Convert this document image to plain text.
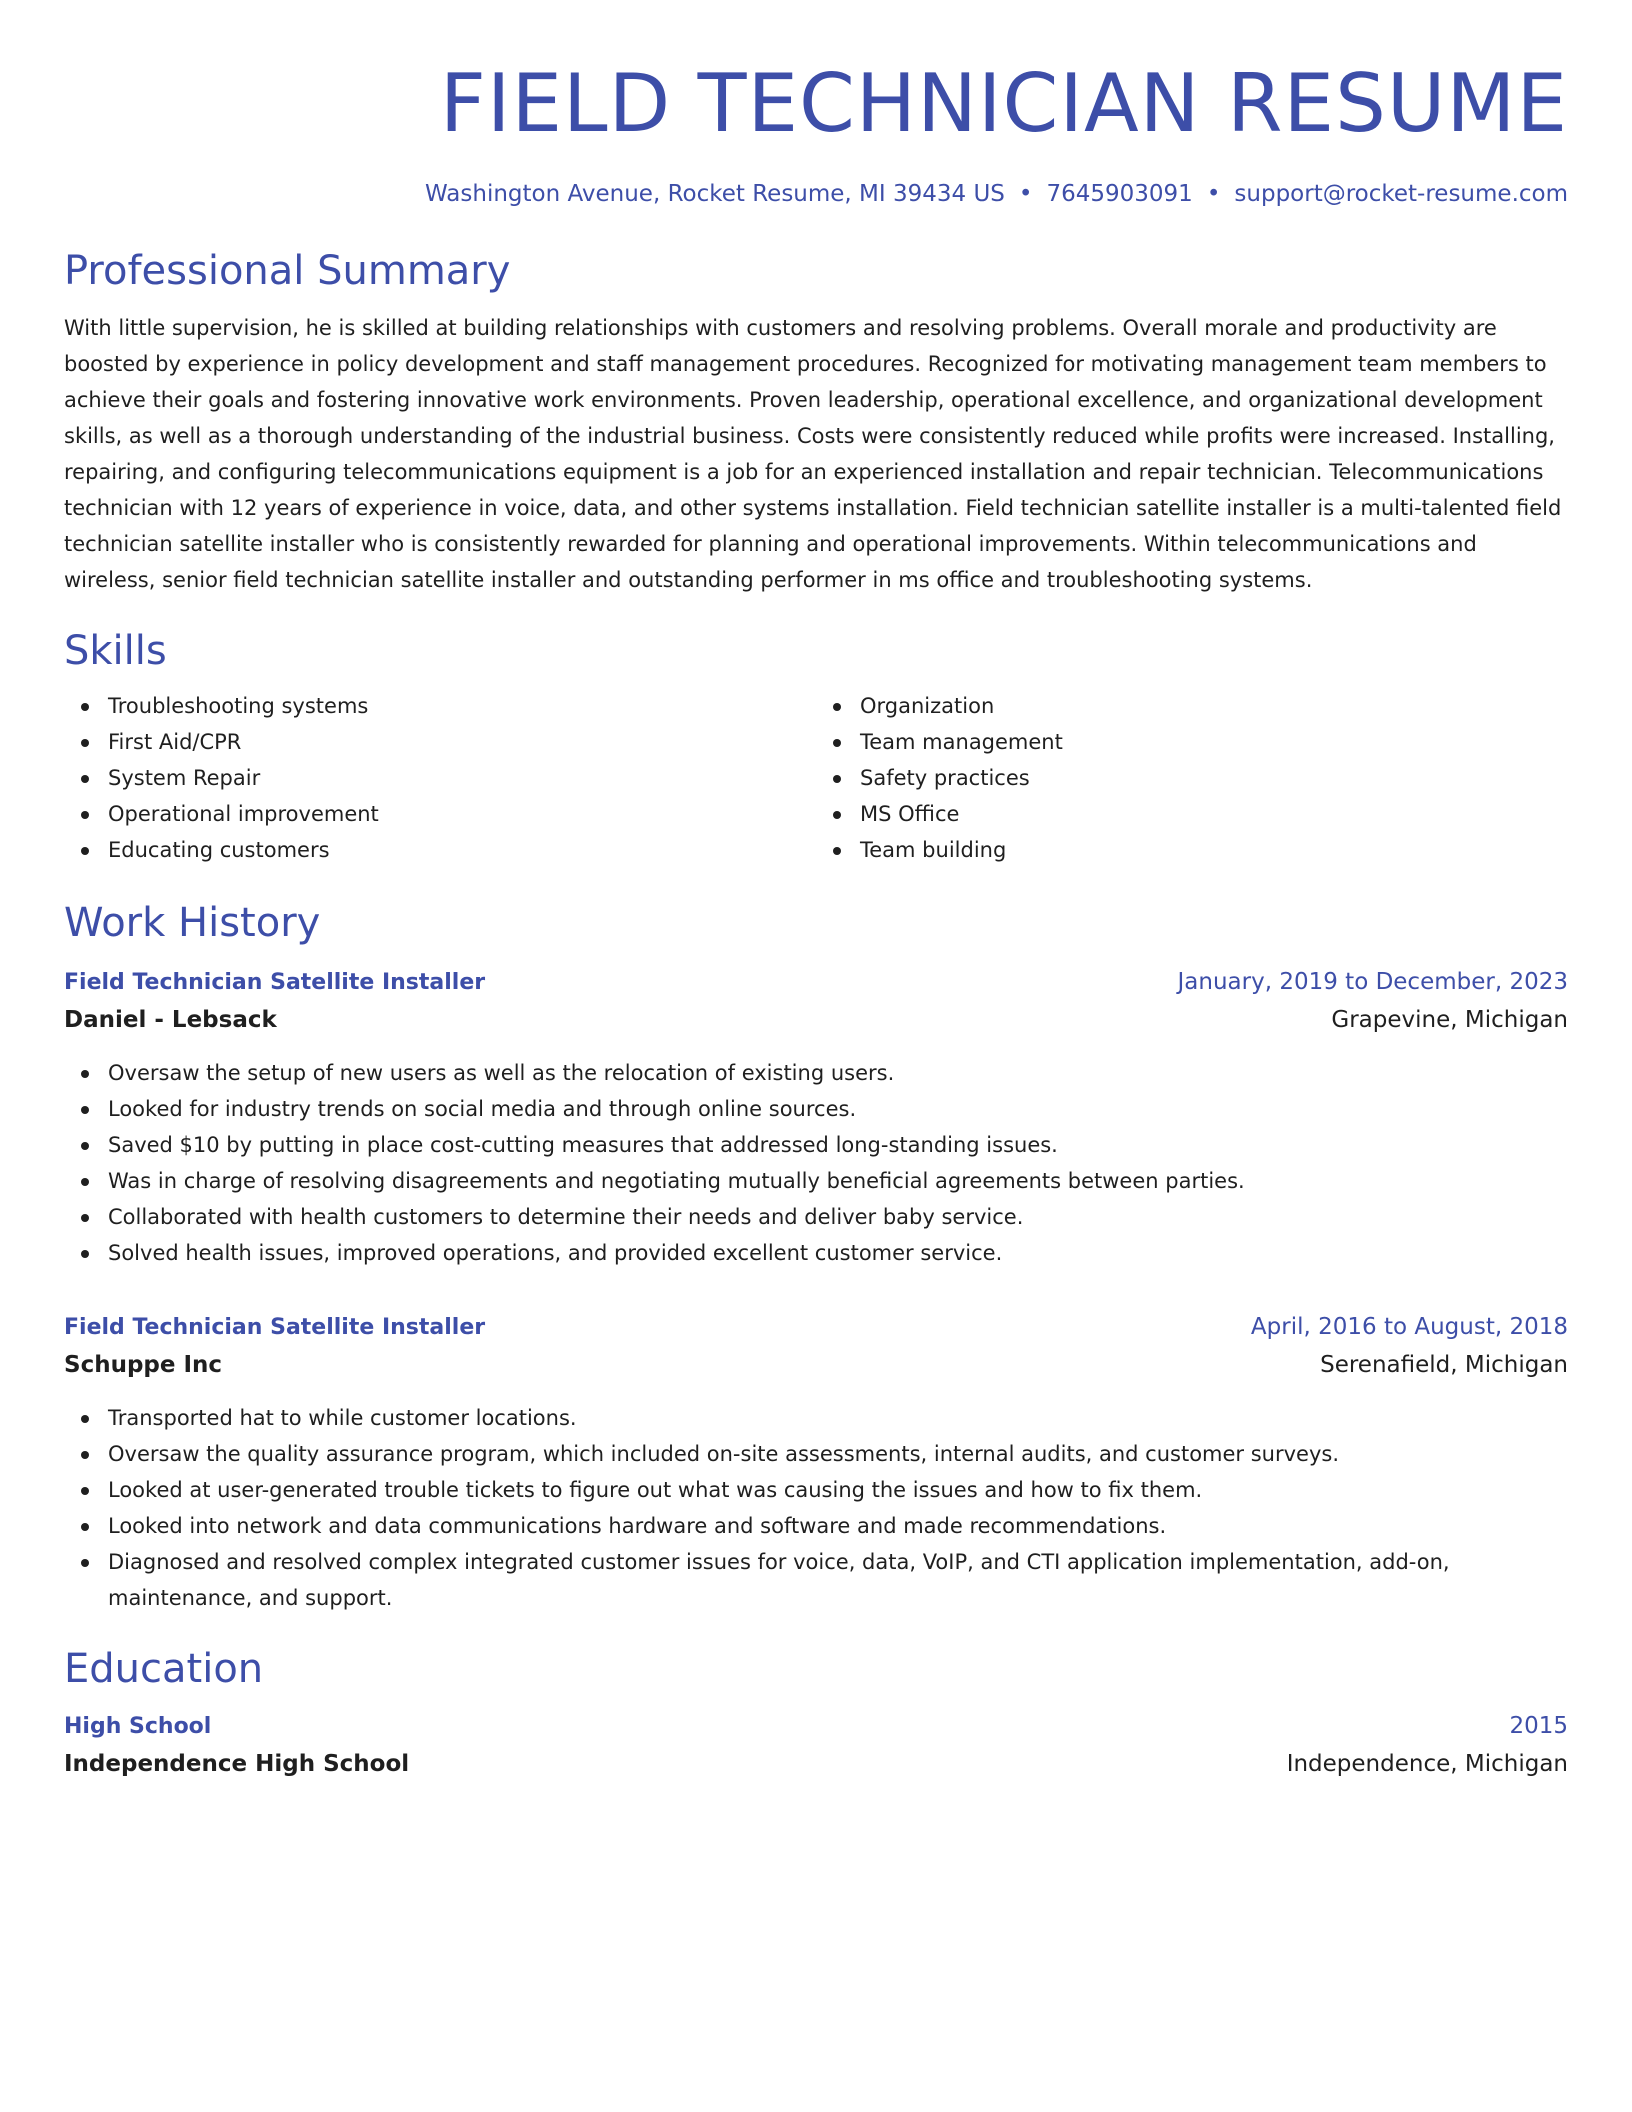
FIELD TECHNICIAN RESUME
Washington Avenue, Rocket Resume, MI 39434 US • 7645903091 • support@rocket-resume.com
Professional Summary

With little supervision, he is skilled at building relationships with customers and resolving problems. Overall morale and productivity are boosted by experience in policy development and staff management procedures. Recognized for motivating management team members to achieve their goals and fostering innovative work environments. Proven leadership, operational excellence, and organizational development skills, as well as a thorough understanding of the industrial business. Costs were consistently reduced while profits were increased. Installing, repairing, and configuring telecommunications equipment is a job for an experienced installation and repair technician. Telecommunications technician with 12 years of experience in voice, data, and other systems installation. Field technician satellite installer is a multi-talented field technician satellite installer who is consistently rewarded for planning and operational improvements. Within telecommunications and wireless, senior field technician satellite installer and outstanding performer in ms office and troubleshooting systems.

Skills
Troubleshooting systems
First Aid/CPR
System Repair
Operational improvement
Educating customers
Organization
Team management
Safety practices
MS Office
Team building
Work History
Field Technician Satellite Installer	January, 2019 to December, 2023
Daniel - Lebsack	Grapevine, Michigan
Oversaw the setup of new users as well as the relocation of existing users.
Looked for industry trends on social media and through online sources.
Saved $10 by putting in place cost-cutting measures that addressed long-standing issues.
Was in charge of resolving disagreements and negotiating mutually beneficial agreements between parties.
Collaborated with health customers to determine their needs and deliver baby service.
Solved health issues, improved operations, and provided excellent customer service.
Field Technician Satellite Installer	April, 2016 to August, 2018
Schuppe Inc	Serenafield, Michigan
Transported hat to while customer locations.
Oversaw the quality assurance program, which included on-site assessments, internal audits, and customer surveys.
Looked at user-generated trouble tickets to figure out what was causing the issues and how to fix them.
Looked into network and data communications hardware and software and made recommendations.
Diagnosed and resolved complex integrated customer issues for voice, data, VoIP, and CTI application implementation, add-on, maintenance, and support.
Education
High School	2015
Independence High School	Independence, Michigan
